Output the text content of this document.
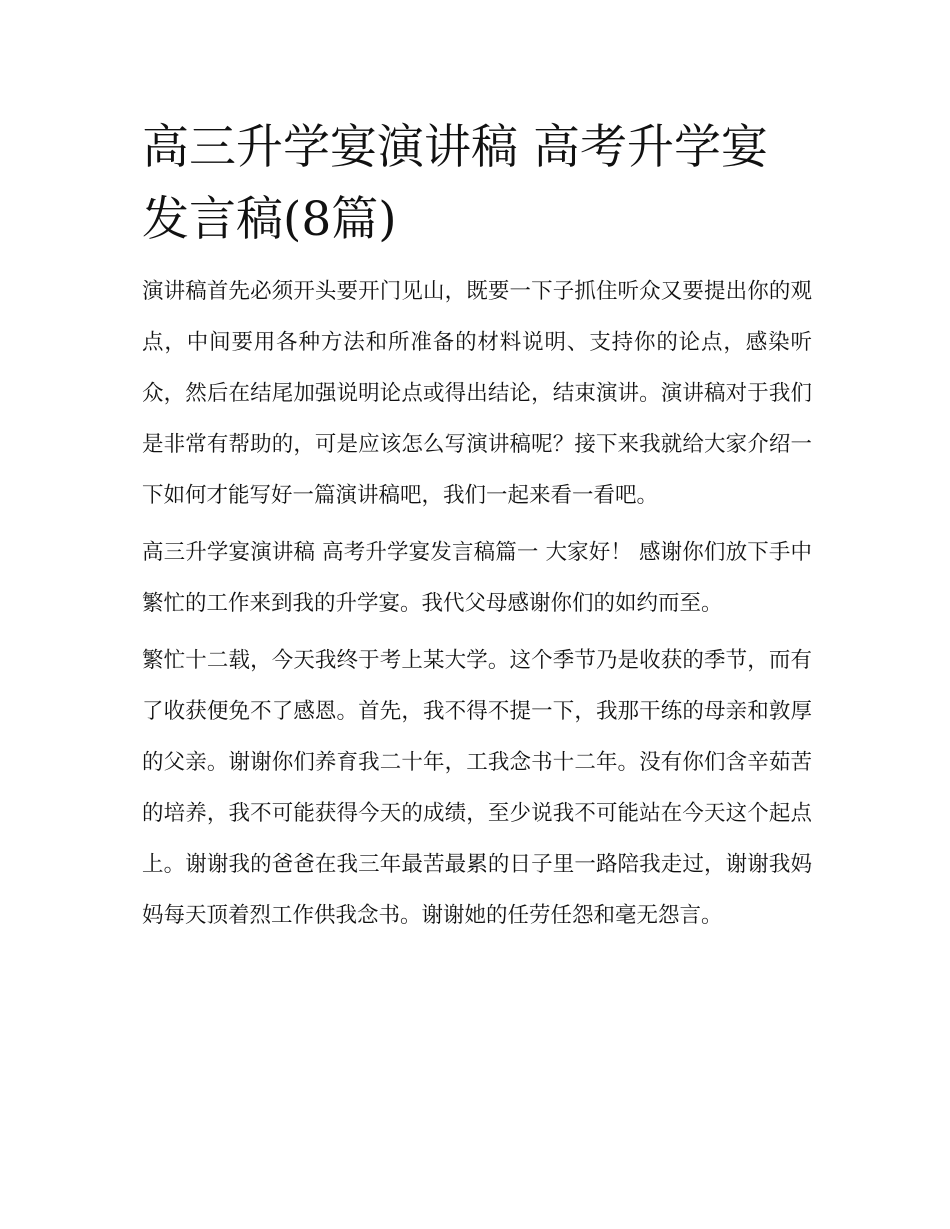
高三升学宴演讲稿 高考升学宴发言稿(8篇)

演讲稿首先必须开头要开门见山，既要一下子抓住听众又要提出你的观点，中间要用各种方法和所准备的材料说明、支持你的论点，感染听众，然后在结尾加强说明论点或得出结论，结束演讲。演讲稿对于我们是非常有帮助的，可是应该怎么写演讲稿呢？接下来我就给大家介绍一下如何才能写好一篇演讲稿吧，我们一起来看一看吧。

高三升学宴演讲稿 高考升学宴发言稿篇一 大家好！ 感谢你们放下手中繁忙的工作来到我的升学宴。我代父母感谢你们的如约而至。

繁忙十二载，今天我终于考上某大学。这个季节乃是收获的季节，而有了收获便免不了感恩。首先，我不得不提一下，我那干练的母亲和敦厚的父亲。谢谢你们养育我二十年，工我念书十二年。没有你们含辛茹苦的培养，我不可能获得今天的成绩，至少说我不可能站在今天这个起点上。谢谢我的爸爸在我三年最苦最累的日子里一路陪我走过，谢谢我妈妈每天顶着烈工作供我念书。谢谢她的任劳任怨和毫无怨言。
